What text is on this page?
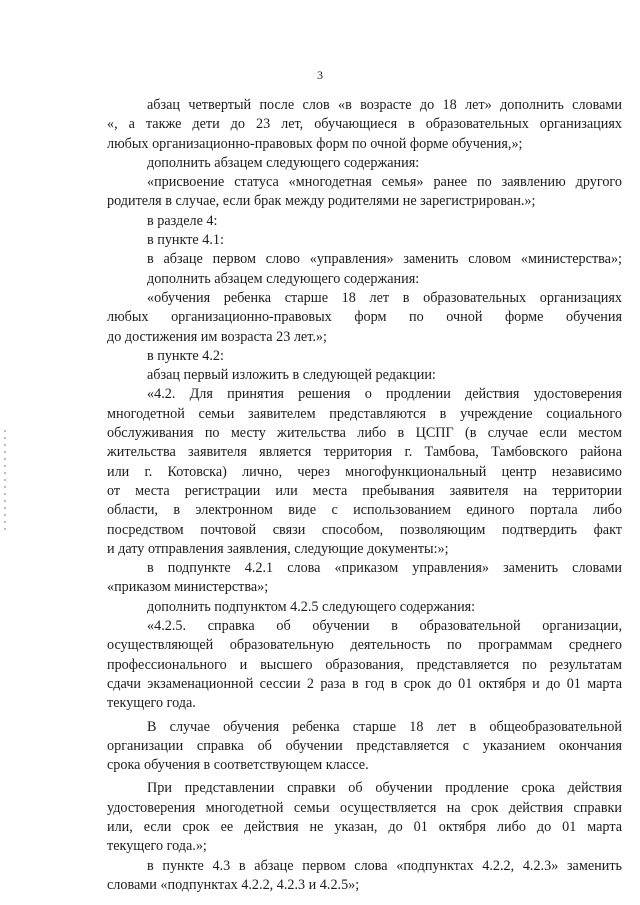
3
абзац четвертый после слов «в возрасте до 18 лет» дополнить словами
«, а также дети до 23 лет, обучающиеся в образовательных организациях
любых организационно-правовых форм по очной форме обучения,»;
дополнить абзацем следующего содержания:
«присвоение статуса «многодетная семья» ранее по заявлению другого
родителя в случае, если брак между родителями не зарегистрирован.»;
в разделе 4:
в пункте 4.1:
в абзаце первом слово «управления» заменить словом «министерства»;
дополнить абзацем следующего содержания:
«обучения ребенка старше 18 лет в образовательных организациях
любых организационно-правовых форм по очной форме обучения
до достижения им возраста 23 лет.»;
в пункте 4.2:
абзац первый изложить в следующей редакции:
«4.2. Для принятия решения о продлении действия удостоверения
многодетной семьи заявителем представляются в учреждение социального
обслуживания по месту жительства либо в ЦСПГ (в случае если местом
жительства заявителя является территория г. Тамбова, Тамбовского района
или г. Котовска) лично, через многофункциональный центр независимо
от места регистрации или места пребывания заявителя на территории
области, в электронном виде с использованием единого портала либо
посредством почтовой связи способом, позволяющим подтвердить факт
и дату отправления заявления, следующие документы:»;
в подпункте 4.2.1 слова «приказом управления» заменить словами
«приказом министерства»;
дополнить подпунктом 4.2.5 следующего содержания:
«4.2.5. справка об обучении в образовательной организации,
осуществляющей образовательную деятельность по программам среднего
профессионального и высшего образования, представляется по результатам
сдачи экзаменационной сессии 2 раза в год в срок до 01 октября и до 01 марта
текущего года.
В случае обучения ребенка старше 18 лет в общеобразовательной
организации справка об обучении представляется с указанием окончания
срока обучения в соответствующем классе.
При представлении справки об обучении продление срока действия
удостоверения многодетной семьи осуществляется на срок действия справки
или, если срок ее действия не указан, до 01 октября либо до 01 марта
текущего года.»;
в пункте 4.3 в абзаце первом слова «подпунктах 4.2.2, 4.2.3» заменить
словами «подпунктах 4.2.2, 4.2.3 и 4.2.5»;
